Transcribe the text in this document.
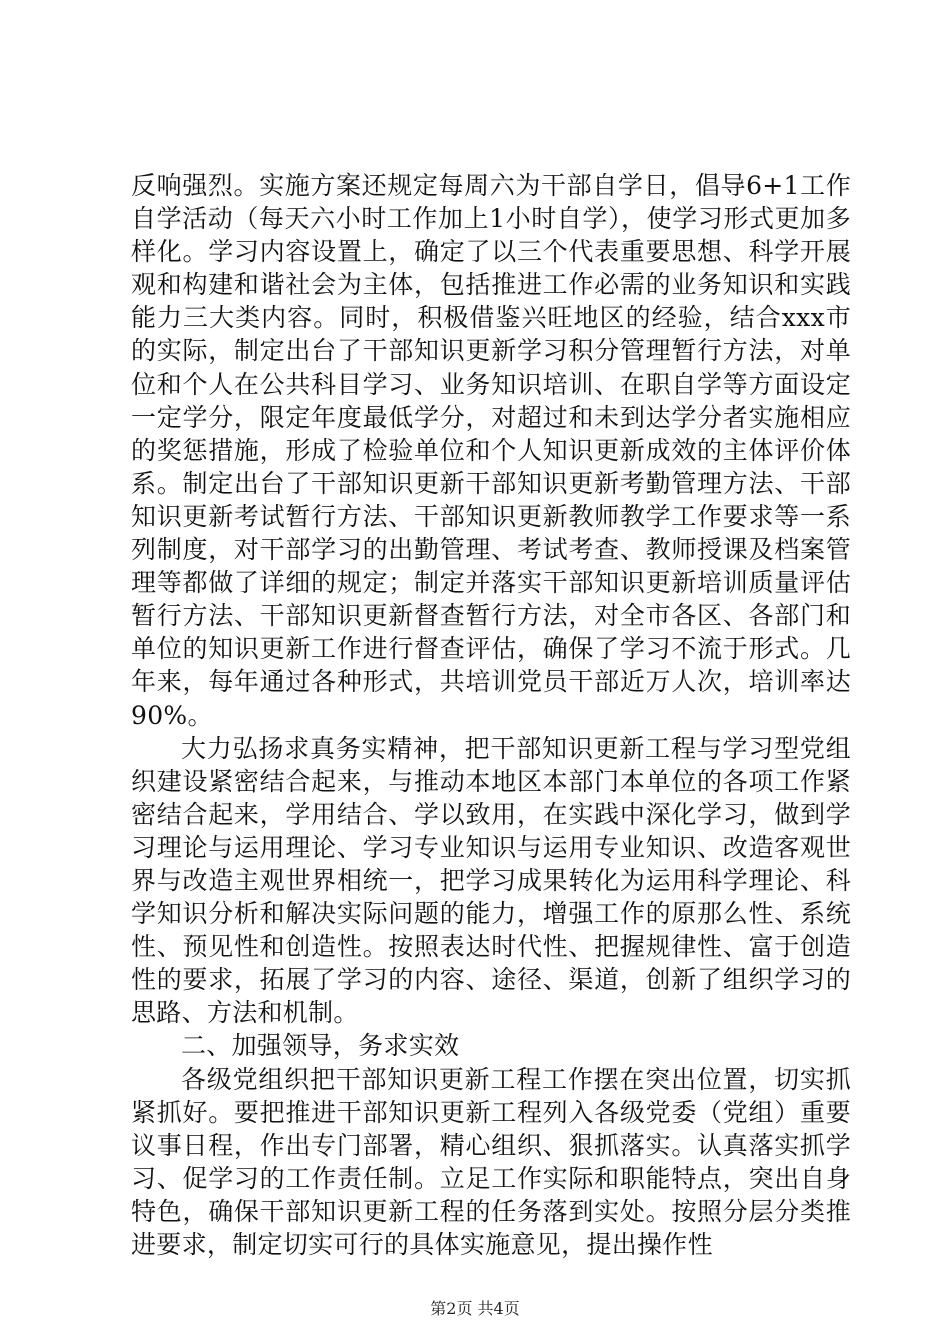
反响强烈。实施方案还规定每周六为干部自学日，倡导6+1工作自学活动（每天六小时工作加上1小时自学），使学习形式更加多样化。学习内容设置上，确定了以三个代表重要思想、科学开展观和构建和谐社会为主体，包括推进工作必需的业务知识和实践能力三大类内容。同时，积极借鉴兴旺地区的经验，结合xxx市的实际，制定出台了干部知识更新学习积分管理暂行方法，对单位和个人在公共科目学习、业务知识培训、在职自学等方面设定一定学分，限定年度最低学分，对超过和未到达学分者实施相应的奖惩措施，形成了检验单位和个人知识更新成效的主体评价体系。制定出台了干部知识更新干部知识更新考勤管理方法、干部知识更新考试暂行方法、干部知识更新教师教学工作要求等一系列制度，对干部学习的出勤管理、考试考查、教师授课及档案管理等都做了详细的规定；制定并落实干部知识更新培训质量评估暂行方法、干部知识更新督查暂行方法，对全市各区、各部门和单位的知识更新工作进行督查评估，确保了学习不流于形式。几年来，每年通过各种形式，共培训党员干部近万人次，培训率达90%。

大力弘扬求真务实精神，把干部知识更新工程与学习型党组织建设紧密结合起来，与推动本地区本部门本单位的各项工作紧密结合起来，学用结合、学以致用，在实践中深化学习，做到学习理论与运用理论、学习专业知识与运用专业知识、改造客观世界与改造主观世界相统一，把学习成果转化为运用科学理论、科学知识分析和解决实际问题的能力，增强工作的原那么性、系统性、预见性和创造性。按照表达时代性、把握规律性、富于创造性的要求，拓展了学习的内容、途径、渠道，创新了组织学习的思路、方法和机制。

二、加强领导，务求实效

各级党组织把干部知识更新工程工作摆在突出位置，切实抓紧抓好。要把推进干部知识更新工程列入各级党委（党组）重要议事日程，作出专门部署，精心组织、狠抓落实。认真落实抓学习、促学习的工作责任制。立足工作实际和职能特点，突出自身特色，确保干部知识更新工程的任务落到实处。按照分层分类推进要求，制定切实可行的具体实施意见，提出操作性

第2页 共4页
